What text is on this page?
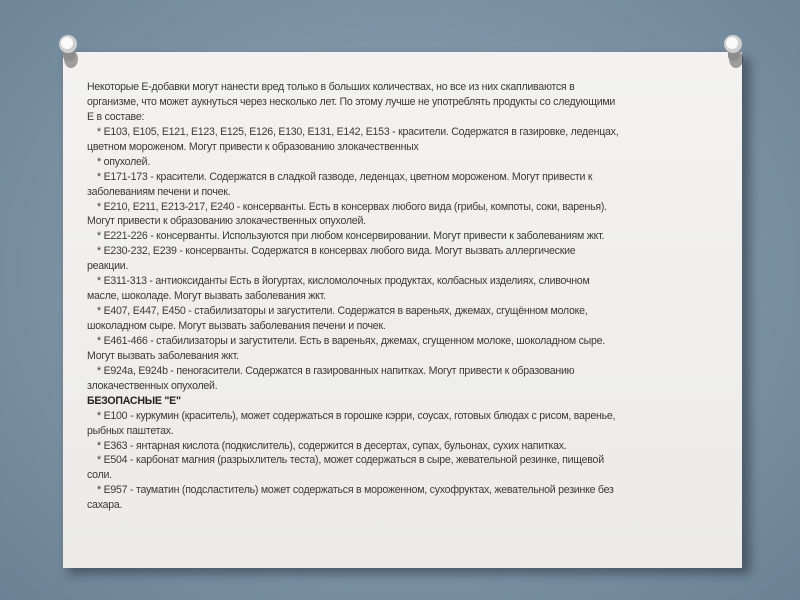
Некоторые Е-добавки могут нанести вред только в больших количествах, но все из них скапливаются в
организме, что может аукнуться через несколько лет. По этому лучше не употреблять продукты со следующими
Е в составе:
* Е103, Е105, Е121, Е123, Е125, Е126, Е130, Е131, Е142, Е153 - красители. Содержатся в газировке, леденцах,
цветном мороженом. Могут привести к образованию злокачественных
* опухолей.
* Е171-173 - красители. Содержатся в сладкой газводе, леденцах, цветном мороженом. Могут привести к
заболеваниям печени и почек.
* Е210, Е211, Е213-217, Е240 - консерванты. Есть в консервах любого вида (грибы, компоты, соки, варенья).
Могут привести к образованию злокачественных опухолей.
* Е221-226 - консерванты. Используются при любом консервировании. Могут привести к заболеваниям жкт.
* Е230-232, Е239 - консерванты. Содержатся в консервах любого вида. Могут вызвать аллергические
реакции.
* Е311-313 - антиоксиданты Есть в йогуртах, кисломолочных продуктах, колбасных изделиях, сливочном
масле, шоколаде. Могут вызвать заболевания жкт.
* Е407, Е447, Е450 - стабилизаторы и загустители. Содержатся в вареньях, джемах, сгущённом молоке,
шоколадном сыре. Могут вызвать заболевания печени и почек.
* Е461-466 - стабилизаторы и загустители. Есть в вареньях, джемах, сгущенном молоке, шоколадном сыре.
Могут вызвать заболевания жкт.
* Е924а, Е924b - пеногасители. Содержатся в газированных напитках. Могут привести к образованию
злокачественных опухолей.
БЕЗОПАСНЫЕ "Е"
* Е100 - куркумин (краситель), может содержаться в горошке кэрри, соусах, готовых блюдах с рисом, варенье,
рыбных паштетах.
* Е363 - янтарная кислота (подкислитель), содержится в десертах, супах, бульонах, сухих напитках.
* Е504 - карбонат магния (разрыхлитель теста), может содержаться в сыре, жевательной резинке, пищевой
соли.
* Е957 - тауматин (подсластитель) может содержаться в мороженном, сухофруктах, жевательной резинке без
сахара.
